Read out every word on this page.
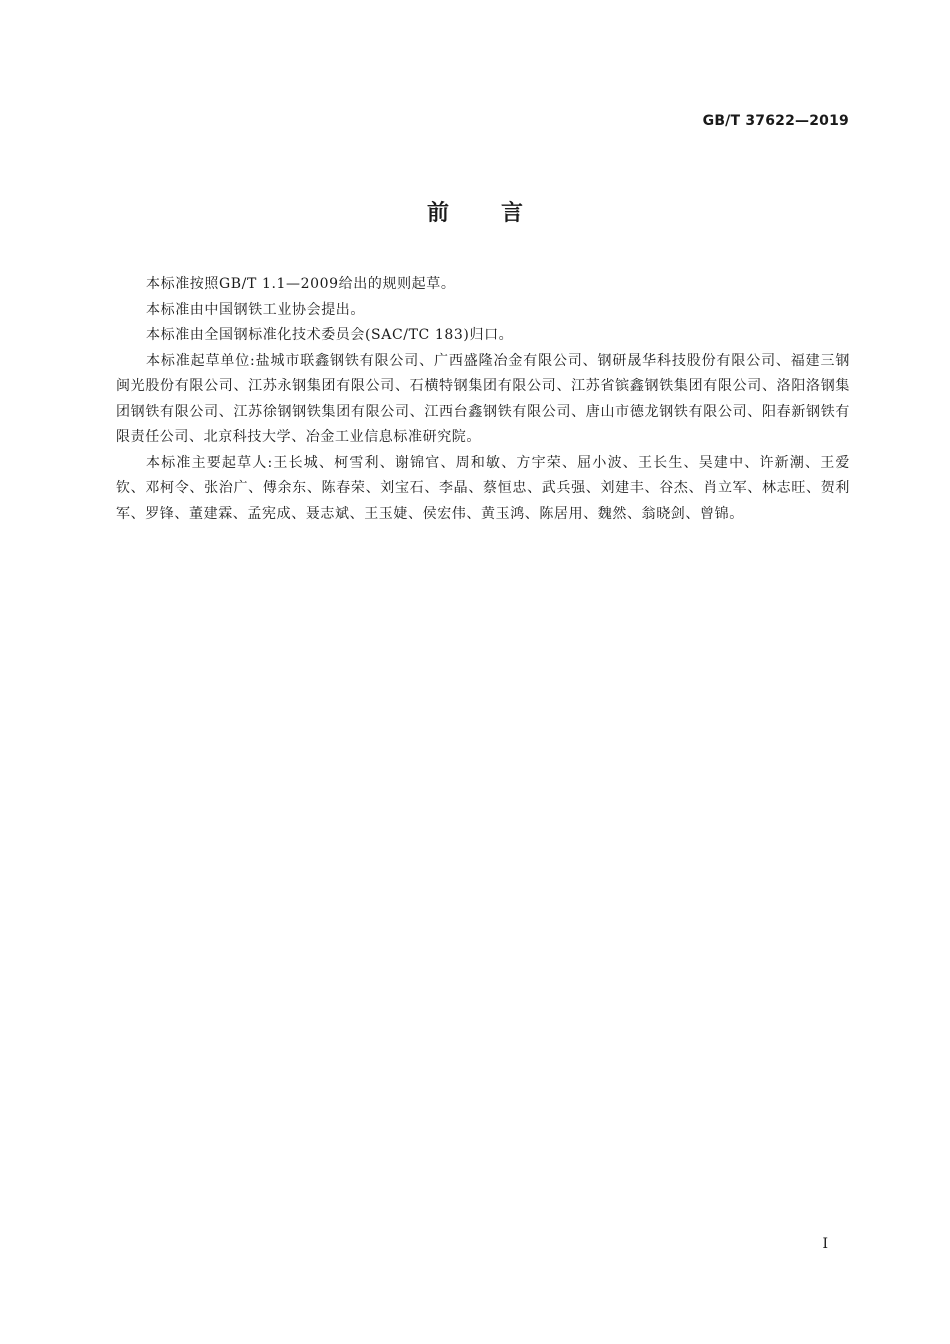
GB/T 37622—2019
前言

本标准按照GB/T 1.1—2009给出的规则起草。

本标准由中国钢铁工业协会提出。

本标准由全国钢标准化技术委员会(SAC/TC 183)归口。

本标准起草单位:盐城市联鑫钢铁有限公司、广西盛隆冶金有限公司、钢研晟华科技股份有限公司、福建三钢闽光股份有限公司、江苏永钢集团有限公司、石横特钢集团有限公司、江苏省镔鑫钢铁集团有限公司、洛阳洛钢集团钢铁有限公司、江苏徐钢钢铁集团有限公司、江西台鑫钢铁有限公司、唐山市德龙钢铁有限公司、阳春新钢铁有限责任公司、北京科技大学、冶金工业信息标准研究院。

本标准主要起草人:王长城、柯雪利、谢锦官、周和敏、方宇荣、屈小波、王长生、吴建中、许新潮、王爱钦、邓柯令、张治广、傅余东、陈春荣、刘宝石、李晶、蔡恒忠、武兵强、刘建丰、谷杰、肖立军、林志旺、贺利军、罗锋、董建霖、孟宪成、聂志斌、王玉婕、侯宏伟、黄玉鸿、陈居用、魏然、翁晓剑、曾锦。

I
